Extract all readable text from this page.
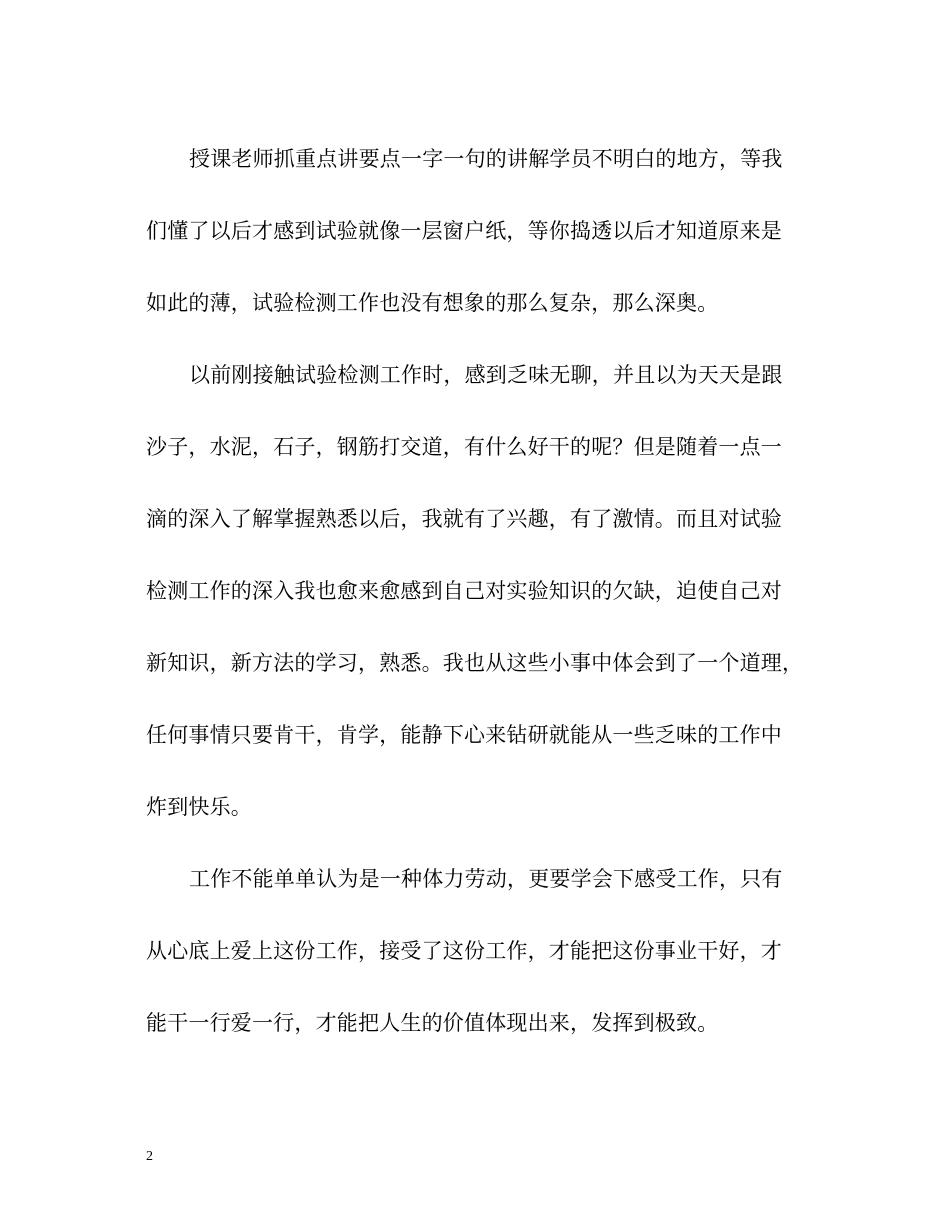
授课老师抓重点讲要点一字一句的讲解学员不明白的地方，等我
们懂了以后才感到试验就像一层窗户纸，等你捣透以后才知道原来是
如此的薄，试验检测工作也没有想象的那么复杂，那么深奥。
以前刚接触试验检测工作时，感到乏味无聊，并且以为天天是跟
沙子，水泥，石子，钢筋打交道，有什么好干的呢？但是随着一点一
滴的深入了解掌握熟悉以后，我就有了兴趣，有了激情。而且对试验
检测工作的深入我也愈来愈感到自己对实验知识的欠缺，迫使自己对
新知识，新方法的学习，熟悉。我也从这些小事中体会到了一个道理，
任何事情只要肯干，肯学，能静下心来钻研就能从一些乏味的工作中
炸到快乐。
工作不能单单认为是一种体力劳动，更要学会下感受工作，只有
从心底上爱上这份工作，接受了这份工作，才能把这份事业干好，才
能干一行爱一行，才能把人生的价值体现出来，发挥到极致。
2
